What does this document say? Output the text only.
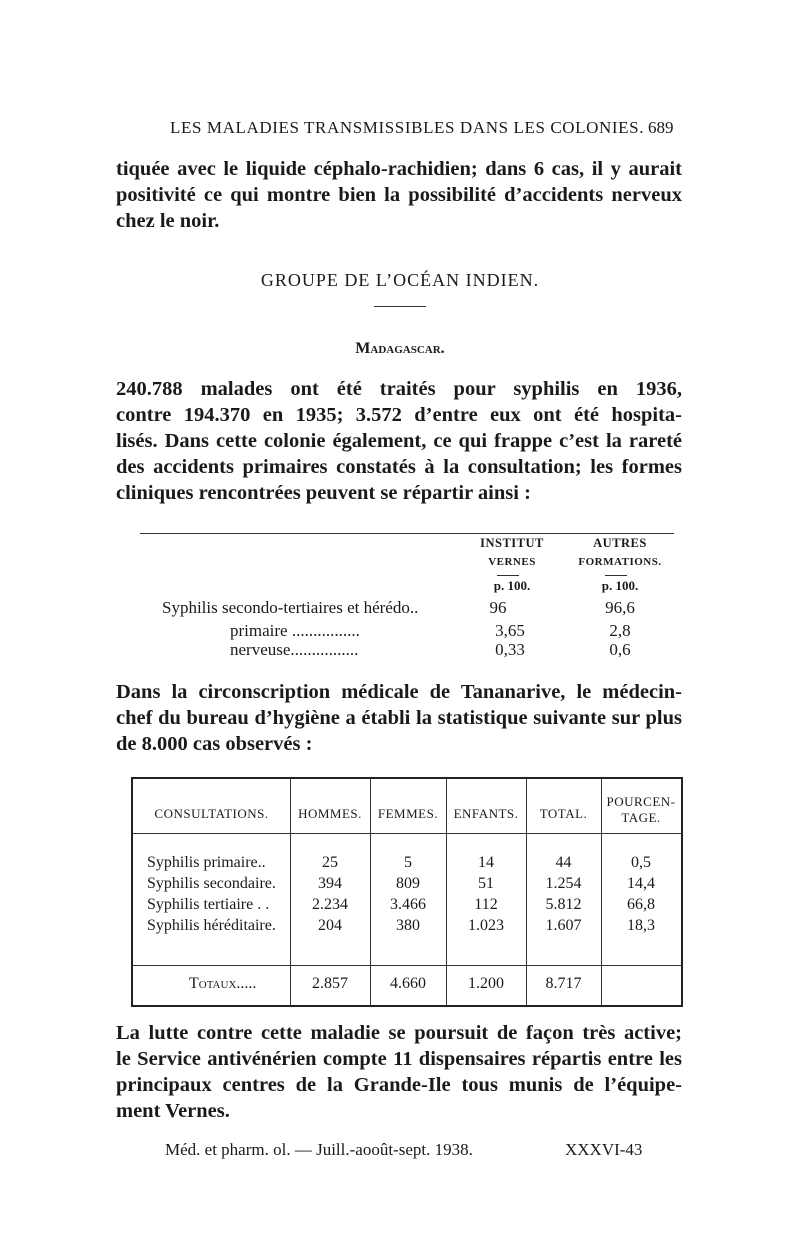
LES MALADIES TRANSMISSIBLES DANS LES COLONIES. 689
tiquée avec le liquide céphalo-rachidien; dans 6 cas, il y aurait
positivité ce qui montre bien la possibilité d’accidents nerveux
chez le noir.
GROUPE DE L’OCÉAN INDIEN.
Madagascar.
240.788 malades ont été traités pour syphilis en 1936,
contre 194.370 en 1935; 3.572 d’entre eux ont été hospita-
lisés. Dans cette colonie également, ce qui frappe c’est la rareté
des accidents primaires constatés à la consultation; les formes
cliniques rencontrées peuvent se répartir ainsi :
INSTITUT
VERNES
AUTRES
FORMATIONS.
p. 100.	p. 100.
Syphilis secondo-tertiaires et hérédo..	96	96,6
primaire ................	3,65	2,8
nerveuse................	0,33	0,6
Dans la circonscription médicale de Tananarive, le médecin-
chef du bureau d’hygiène a établi la statistique suivante sur plus
de 8.000 cas observés :
CONSULTATIONS.	HOMMES.	FEMMES.	ENFANTS.	TOTAL.
POURCEN-
TAGE.
Syphilis primaire..	25	5	14	44	0,5
Syphilis secondaire.	394	809	51	1.254	14,4
Syphilis tertiaire . .	2.234	3.466	112	5.812	66,8
Syphilis héréditaire.	204	380	1.023	1.607	18,3
Totaux.....	2.857	4.660	1.200	8.717
La lutte contre cette maladie se poursuit de façon très active;
le Service antivénérien compte 11 dispensaires répartis entre les
principaux centres de la Grande-Ile tous munis de l’équipe-
ment Vernes.
Méd. et pharm. ol. — Juill.-aooût-sept. 1938.	XXXVI-43
